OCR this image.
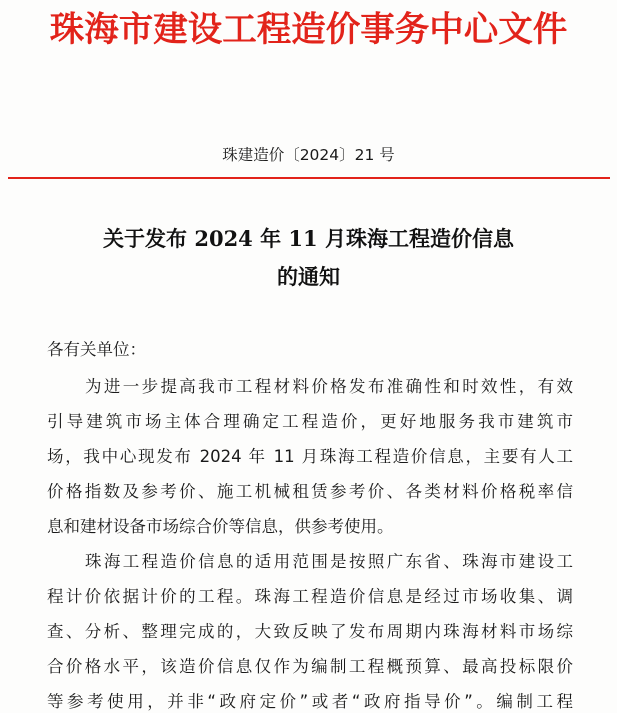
珠海市建设工程造价事务中心文件
珠建造价〔2024〕21 号
关于发布 2024 年 11 月珠海工程造价信息
的通知
各有关单位：
为进一步提高我市工程材料价格发布准确性和时效性，有效
引导建筑市场主体合理确定工程造价，更好地服务我市建筑市
场，我中心现发布 2024 年 11 月珠海工程造价信息，主要有人工
价格指数及参考价、施工机械租赁参考价、各类材料价格税率信
息和建材设备市场综合价等信息，供参考使用。
珠海工程造价信息的适用范围是按照广东省、珠海市建设工
程计价依据计价的工程。珠海工程造价信息是经过市场收集、调
查、分析、整理完成的，大致反映了发布周期内珠海材料市场综
合价格水平，该造价信息仅作为编制工程概预算、最高投标限价
等参考使用，并非“政府定价”或者“政府指导价”。编制工程
